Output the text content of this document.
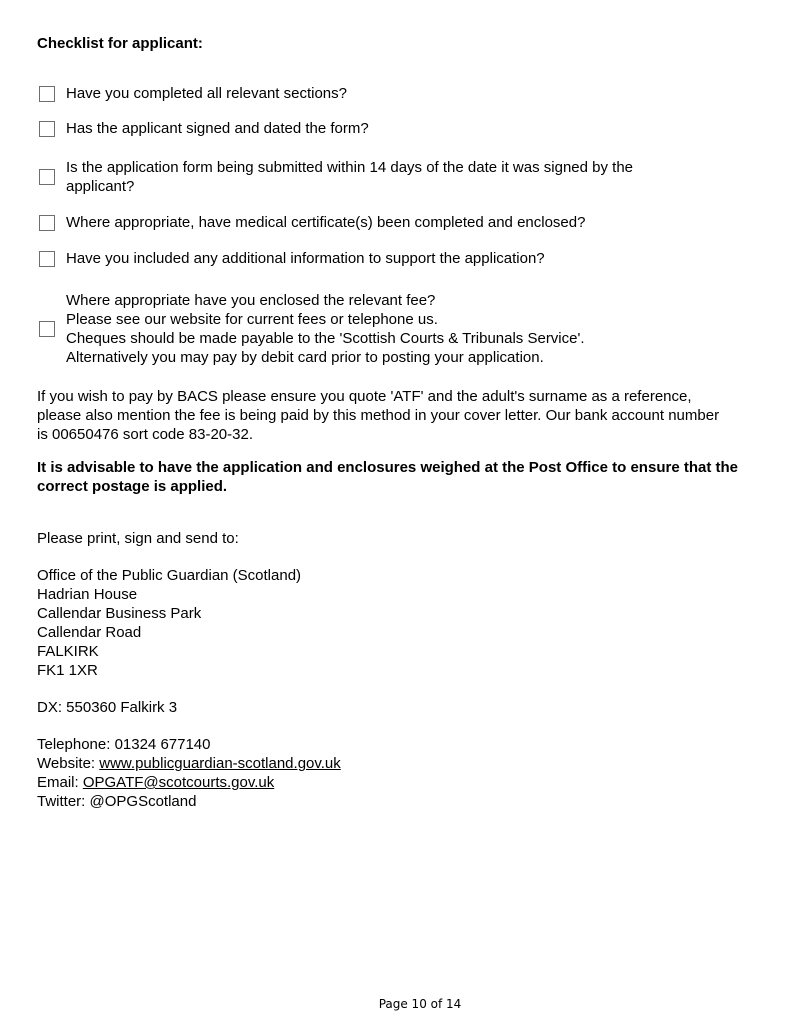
Checklist for applicant:
Have you completed all relevant sections?
Has the applicant signed and dated the form?
Is the application form being submitted within 14 days of the date it was signed by the
applicant?
Where appropriate, have medical certificate(s) been completed and enclosed?
Have you included any additional information to support the application?
Where appropriate have you enclosed the relevant fee?
Please see our website for current fees or telephone us.
Cheques should be made payable to the 'Scottish Courts & Tribunals Service'.
Alternatively you may pay by debit card prior to posting your application.
If you wish to pay by BACS please ensure you quote 'ATF' and the adult's surname as a reference,
please also mention the fee is being paid by this method in your cover letter. Our bank account number
is 00650476 sort code 83-20-32.
It is advisable to have the application and enclosures weighed at the Post Office to ensure that the
correct postage is applied.
Please print, sign and send to:
Office of the Public Guardian (Scotland)
Hadrian House
Callendar Business Park
Callendar Road
FALKIRK
FK1 1XR
DX: 550360 Falkirk 3
Telephone: 01324 677140
Website: www.publicguardian-scotland.gov.uk
Email: OPGATF@scotcourts.gov.uk
Twitter: @OPGScotland
Page 10 of 14
